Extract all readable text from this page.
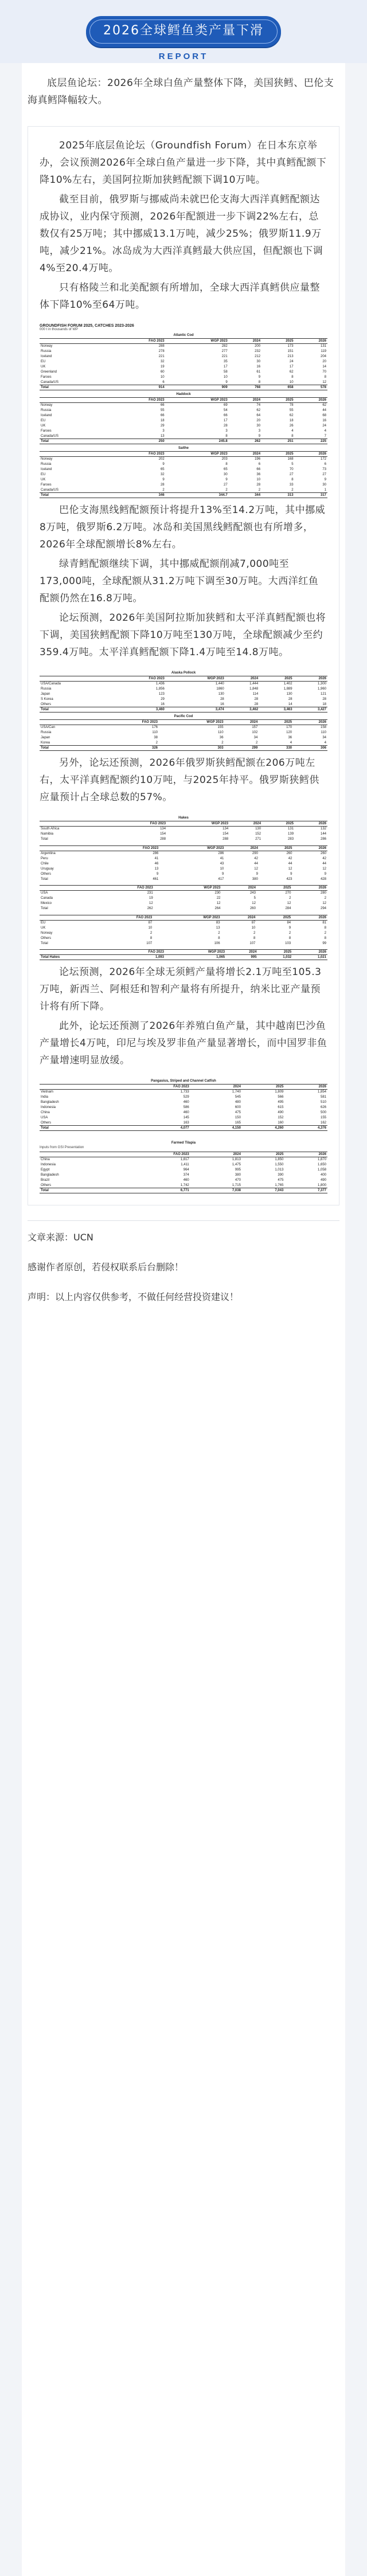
2026全球鳕鱼类产量下滑
REPORT

底层鱼论坛：2026年全球白鱼产量整体下降，美国狭鳕、巴伦支海真鳕降幅较大。

2025年底层鱼论坛（Groundfish Forum）在日本东京举办，会议预测2026年全球白鱼产量进一步下降，其中真鳕配额下降10%左右，美国阿拉斯加狭鳕配额下调10万吨。

截至目前，俄罗斯与挪威尚未就巴伦支海大西洋真鳕配额达成协议，业内保守预测，2026年配额进一步下调22%左右，总数仅有25万吨；其中挪威13.1万吨，减少25%；俄罗斯11.9万吨，减少21%。冰岛成为大西洋真鳕最大供应国，但配额也下调4%至20.4万吨。

只有格陵兰和北美配额有所增加，全球大西洋真鳕供应量整体下降10%至64万吨。

GROUNDFISH FORUM 2025, CATCHES 2023-2026
000 t in thousands of WP
Atlantic Cod
	FAO 2023	WGP 2023	2024	2025	2026
Norway	288	282	200	173	131
Russia	278	277	232	151	119
Iceland	221	221	212	213	204
EU	32	35	30	24	20
UK	19	17	16	17	14
Greenland	60	58	61	62	70
Faroes	10	10	9	8	8
Canada/US	6	9	8	10	12
Total	914	909	768	658	578
Haddock
	FAO 2023	WGP 2023	2024	2025	2026
Norway	66	69	74	78	62
Russia	55	54	62	55	44
Iceland	66	66	64	62	68
EU	18	17	20	18	16
UK	29	28	30	26	24
Faroes	3	3	3	4	4
Canada/US	13	8	9	8	7
Total	250	245.8	262	251	225
Saithe
	FAO 2023	WGP 2023	2024	2025	2026
Norway	202	203	196	168	172
Russia	9	8	6	5	6
Iceland	65	65	66	70	73
EU	32	30	36	27	27
UK	9	9	10	8	9
Faroes	28	27	28	33	30
Canada/US	2	2	2	2	1
Total	346	344.7	344	313	317

巴伦支海黑线鳕配额预计将提升13%至14.2万吨，其中挪威8万吨，俄罗斯6.2万吨。冰岛和美国黑线鳕配额也有所增多，2026年全球配额增长8%左右。

绿青鳕配额继续下调，其中挪威配额削减7,000吨至173,000吨，全球配额从31.2万吨下调至30万吨。大西洋红鱼配额仍然在16.8万吨。

论坛预测，2026年美国阿拉斯加狭鳕和太平洋真鳕配额也将下调，美国狭鳕配额下降10万吨至130万吨，全球配额减少至约359.4万吨。太平洋真鳕配额下降1.4万吨至14.8万吨。

Alaska Pollock
	FAO 2023	WGP 2023	2024	2025	2026
USA/Canada	1,436	1,440	1,444	1,402	1,300
Russia	1,856	1860	1,848	1,889	1,960
Japan	123	130	114	130	121
S Korea	29	28	28	28	28
Others	16	16	28	14	18
Total	3,460	3,474	3,462	3,463	3,427
Pacific Cod
	FAO 2023	WGP 2023	2024	2025	2026
USA/Can	176	155	157	170	158
Russia	110	110	102	120	110
Japan	38	36	34	36	34
Korea	2	2	2	4	4
Total	326	303	299	330	306

另外，论坛还预测，2026年俄罗斯狭鳕配额在206万吨左右，太平洋真鳕配额约10万吨，与2025年持平。俄罗斯狭鳕供应量预计占全球总数的57%。

Hakes
	FAO 2023	WGP 2023	2024	2025	2026
South Africa	134	134	130	131	132
Namibia	154	154	152	139	144
Total	288	288	271	283	286
	FAO 2023	WGP 2023	2024	2025	2026
Argentina	286	286	290	260	260
Peru	41	41	42	42	42
Chile	46	43	44	44	44
Uruguay	13	10	12	12	12
Others	9	9	9	9	9
Total	461	417	380	423	428
	FAO 2023	WGP 2023	2024	2025	2026
USA	231	230	243	270	280
Canada	19	22	5	2	2
Mexico	12	12	12	12	12
Total	262	264	260	284	294
	FAO 2023	WGP 2023	2024	2025	2026
EU	87	83	87	84	81
UK	10	13	10	9	8
Norway	2	2	2	2	2
Others	8	8	8	8	8
Total	107	106	107	103	99
	FAO 2023	WGP 2023	2024	2025	2026
Total Hakes	1,093	1,065	995	1,032	1,021

论坛预测，2026年全球无须鳕产量将增长2.1万吨至105.3万吨，新西兰、阿根廷和智利产量将有所提升，纳米比亚产量预计将有所下降。

此外，论坛还预测了2026年养殖白鱼产量，其中越南巴沙鱼产量增长4万吨，印尼与埃及罗非鱼产量显著增长，而中国罗非鱼产量增速明显放缓。

Pangasius, Striped and Channel Catfish
	FAO 2023		2024	2025	2026
Vietnam	1,733		1,740	1,809	1,854
India	529		545	566	581
Bangladesh	460		480	495	510
Indonesia	586		600	615	626
China	460		475	490	500
USA	145		150	152	155
Others	163		165	160	162
Total	4,077		4,150	4,260	4,376
Farmed Tilapia
Inputs from GSI Presentation
	FAO 2023		2024	2025	2026
China	1,817		1,813	1,850	1,870
Indonesia	1,411		1,475	1,550	1,650
Egypt	964		995	1,013	1,058
Bangladesh	374		380	390	400
Brazil	460		470	475	490
Others	1,742		1,715	1,765	1,800
Total	6,771		7,038	7,043	7,377

文章来源：UCN

感谢作者原创，若侵权联系后台删除！

声明：以上内容仅供参考，不做任何经营投资建议！
